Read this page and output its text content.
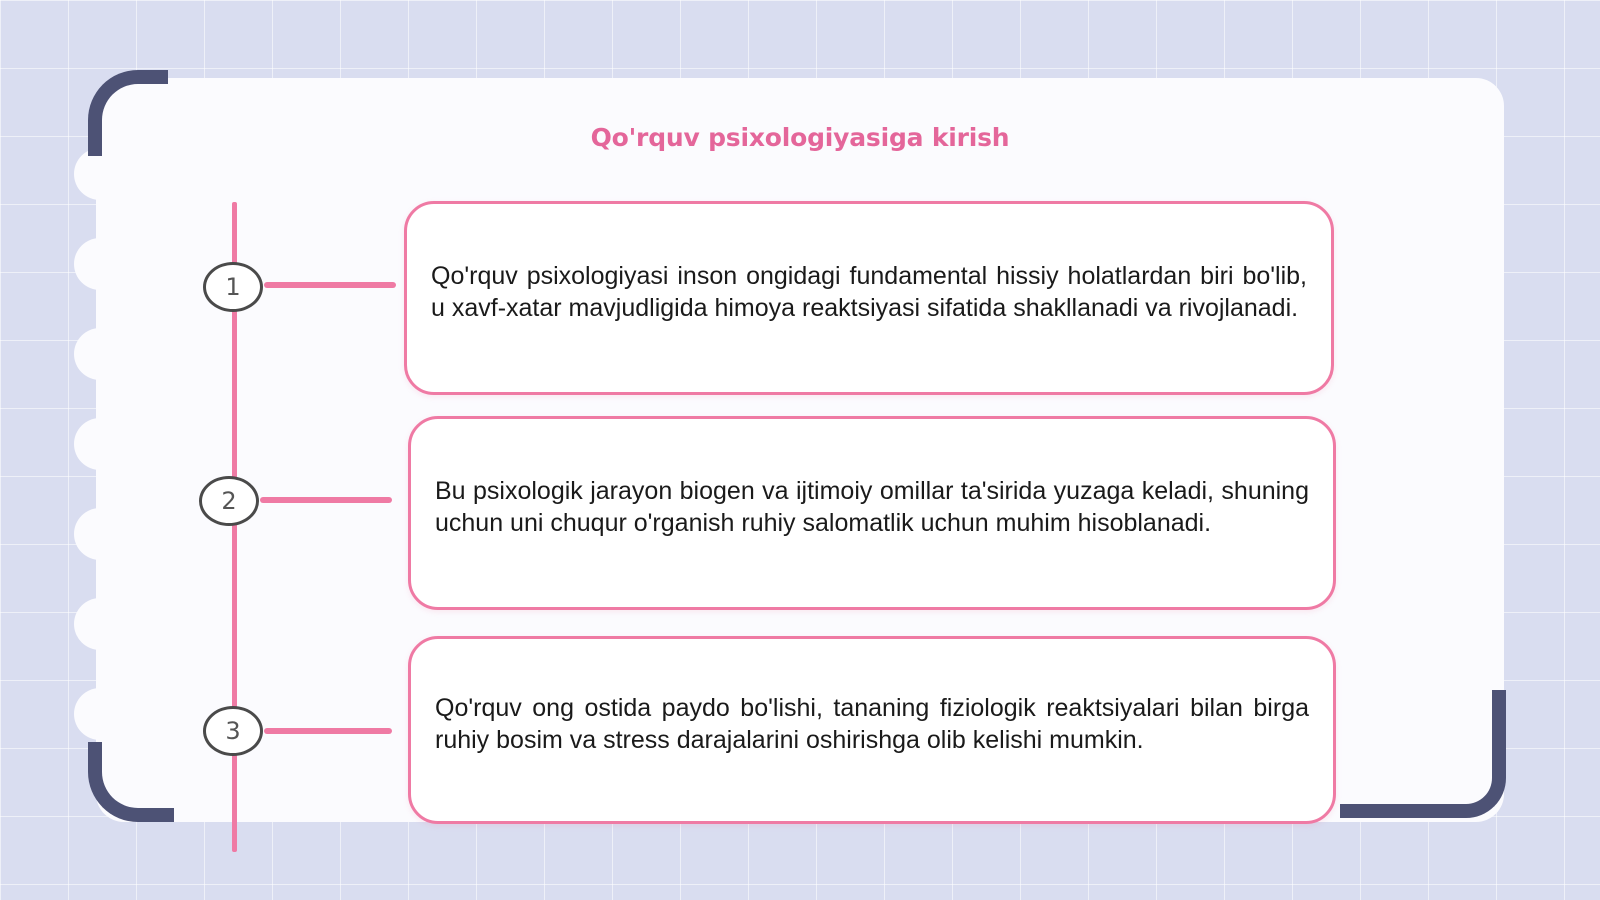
Qo'rquv psixologiyasiga kirish
1	Qo'rquv psixologiyasi inson ongidagi fundamental hissiy holatlardan biri bo'lib, u xavf-xatar mavjudligida himoya reaktsiyasi sifatida shakllanadi va rivojlanadi.
2	Bu psixologik jarayon biogen va ijtimoiy omillar ta'sirida yuzaga keladi, shuning uchun uni chuqur o'rganish ruhiy salomatlik uchun muhim hisoblanadi.
3
Qo'rquv ong ostida paydo bo'lishi, tananing fiziologik reaktsiyalari bilan birga ruhiy bosim va stress darajalarini oshirishga olib kelishi mumkin.
